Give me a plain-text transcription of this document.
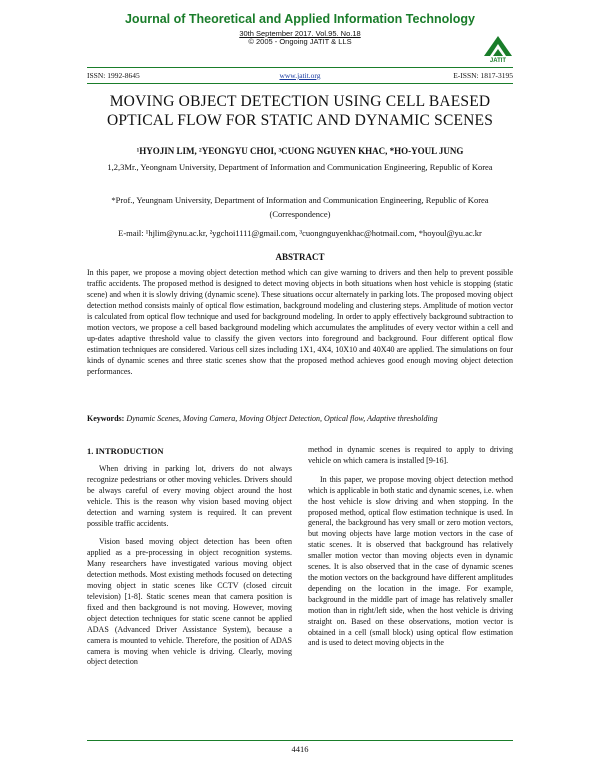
Journal of Theoretical and Applied Information Technology
30th September 2017. Vol.95. No.18
© 2005 - Ongoing JATIT & LLS
JATIT
ISSN: 1992-8645	www.jatit.org	E-ISSN: 1817-3195
MOVING OBJECT DETECTION USING CELL BAESED
OPTICAL FLOW FOR STATIC AND DYNAMIC SCENES
¹HYOJIN LIM, ²YEONGYU CHOI, ³CUONG NGUYEN KHAC, *HO-YOUL JUNG
1,2,3Mr., Yeongnam University, Department of Information and Communication Engineering, Republic of Korea
*Prof., Yeungnam University, Department of Information and Communication Engineering, Republic of Korea (Correspondence)
E-mail: ¹hjlim@ynu.ac.kr, ²ygchoi1111@gmail.com, ³cuongnguyenkhac@hotmail.com, *hoyoul@yu.ac.kr
ABSTRACT
In this paper, we propose a moving object detection method which can give warning to drivers and then help to prevent possible traffic accidents. The proposed method is designed to detect moving objects in both situations when host vehicle is stopping (static scene) and when it is slowly driving (dynamic scene). These situations occur alternately in parking lots. The proposed moving object detection method consists mainly of optical flow estimation, background modeling and clustering steps. Amplitude of motion vector is calculated from optical flow technique and used for background modeling. In order to apply effectively background subtraction to motion vectors, we propose a cell based background modeling which accumulates the amplitudes of every vector within a cell and up-dates adaptive threshold value to classify the given vectors into foreground and background. Four different optical flow estimation techniques are considered. Various cell sizes including 1X1, 4X4, 10X10 and 40X40 are applied. The simulations on four kinds of dynamic scenes and three static scenes show that the proposed method achieves good enough moving object detection performances.
Keywords: Dynamic Scenes, Moving Camera, Moving Object Detection, Optical flow, Adaptive thresholding
1. INTRODUCTION

When driving in parking lot, drivers do not always recognize pedestrians or other moving vehicles. Drivers should be always careful of every moving object around the host vehicle. This is the reason why vision based moving object detection and warning system is required. It can prevent possible traffic accidents.

Vision based moving object detection has been often applied as a pre-processing in object recognition systems. Many researchers have investigated various moving object detection methods. Most existing methods focused on detecting moving object in static scenes like CCTV (closed circuit television) [1-8]. Static scenes mean that camera position is fixed and then background is not moving. However, moving object detection techniques for static scene cannot be applied ADAS (Advanced Driver Assistance System), because a camera is mounted to vehicle. Therefore, the position of ADAS camera is moving when vehicle is driving. Clearly, moving object detection

method in dynamic scenes is required to apply to driving vehicle on which camera is installed [9-16].

In this paper, we propose moving object detection method which is applicable in both static and dynamic scenes, i.e. when the host vehicle is slow driving and when stopping. In the proposed method, optical flow estimation technique is used. In general, the background has very small or zero motion vectors, but moving objects have large motion vectors in the case of static scenes. It is observed that background has relatively smaller motion vector than moving objects even in dynamic scenes. It is also observed that in the case of dynamic scenes the motion vectors on the background have different amplitudes depending on the location in the image. For example, background in the middle part of image has relatively smaller motion than in right/left side, when the host vehicle is driving straight on. Based on these observations, motion vector is obtained in a cell (small block) using optical flow estimation and is used to detect moving objects in the

4416
